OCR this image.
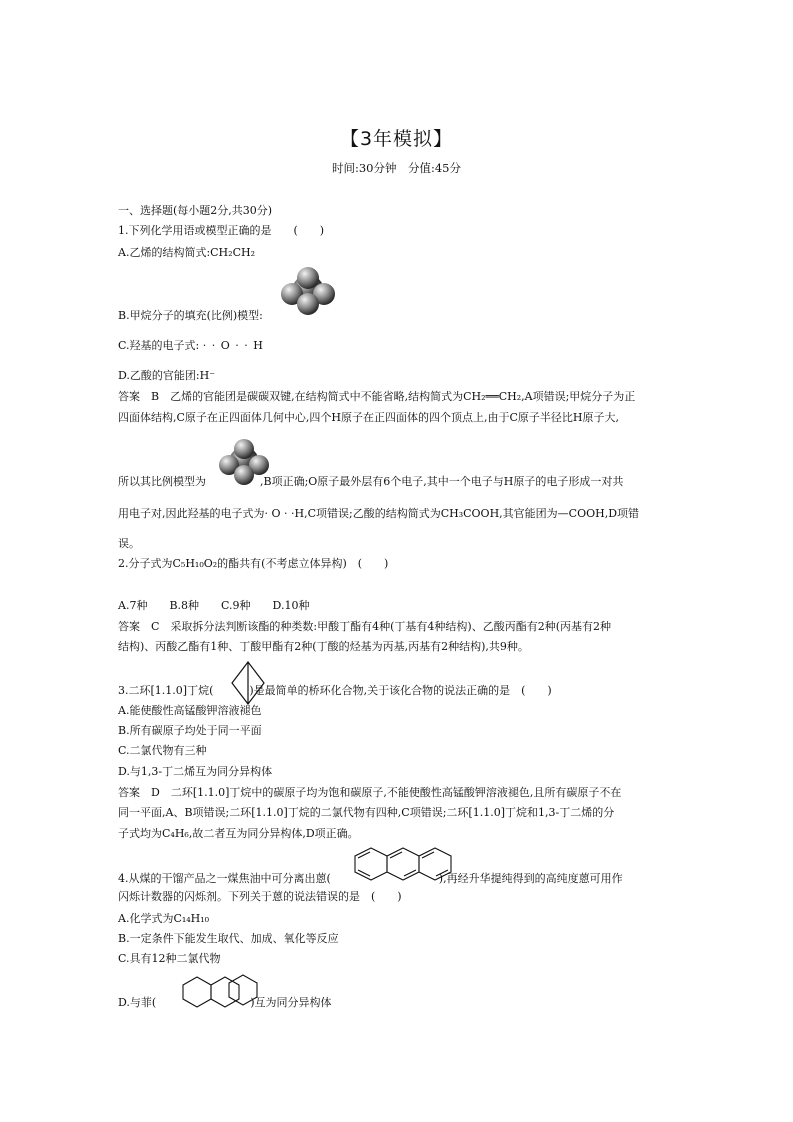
【3年模拟】
时间:30分钟　分值:45分
一、选择题(每小题2分,共30分)
1.下列化学用语或模型正确的是　　(　　)
A.乙烯的结构简式:CH₂CH₂
B.甲烷分子的填充(比例)模型:
C.羟基的电子式: · · O · · H
D.乙酸的官能团:H⁻
答案　B　乙烯的官能团是碳碳双键,在结构简式中不能省略,结构简式为CH₂══CH₂,A项错误;甲烷分子为正
四面体结构,C原子在正四面体几何中心,四个H原子在正四面体的四个顶点上,由于C原子半径比H原子大,
所以其比例模型为	,B项正确;O原子最外层有6个电子,其中一个电子与H原子的电子形成一对共
用电子对,因此羟基的电子式为· O · ·H,C项错误;乙酸的结构简式为CH₃COOH,其官能团为—COOH,D项错
误。
2.分子式为C₅H₁₀O₂的酯共有(不考虑立体异构)　(　　)
A.7种　　B.8种　　C.9种　　D.10种
答案　C　采取拆分法判断该酯的种类数:甲酸丁酯有4种(丁基有4种结构)、乙酸丙酯有2种(丙基有2种
结构)、丙酸乙酯有1种、丁酸甲酯有2种(丁酸的烃基为丙基,丙基有2种结构),共9种。
3.二环[1.1.0]丁烷(	)是最简单的桥环化合物,关于该化合物的说法正确的是　(　　)
A.能使酸性高锰酸钾溶液褪色
B.所有碳原子均处于同一平面
C.二氯代物有三种
D.与1,3-丁二烯互为同分异构体
答案　D　二环[1.1.0]丁烷中的碳原子均为饱和碳原子,不能使酸性高锰酸钾溶液褪色,且所有碳原子不在
同一平面,A、B项错误;二环[1.1.0]丁烷的二氯代物有四种,C项错误;二环[1.1.0]丁烷和1,3-丁二烯的分
子式均为C₄H₆,故二者互为同分异构体,D项正确。
4.从煤的干馏产品之一煤焦油中可分离出蒽(	),再经升华提纯得到的高纯度蒽可用作
闪烁计数器的闪烁剂。下列关于蒽的说法错误的是　(　　)
A.化学式为C₁₄H₁₀
B.一定条件下能发生取代、加成、氧化等反应
C.具有12种二氯代物
D.与菲(	)互为同分异构体
